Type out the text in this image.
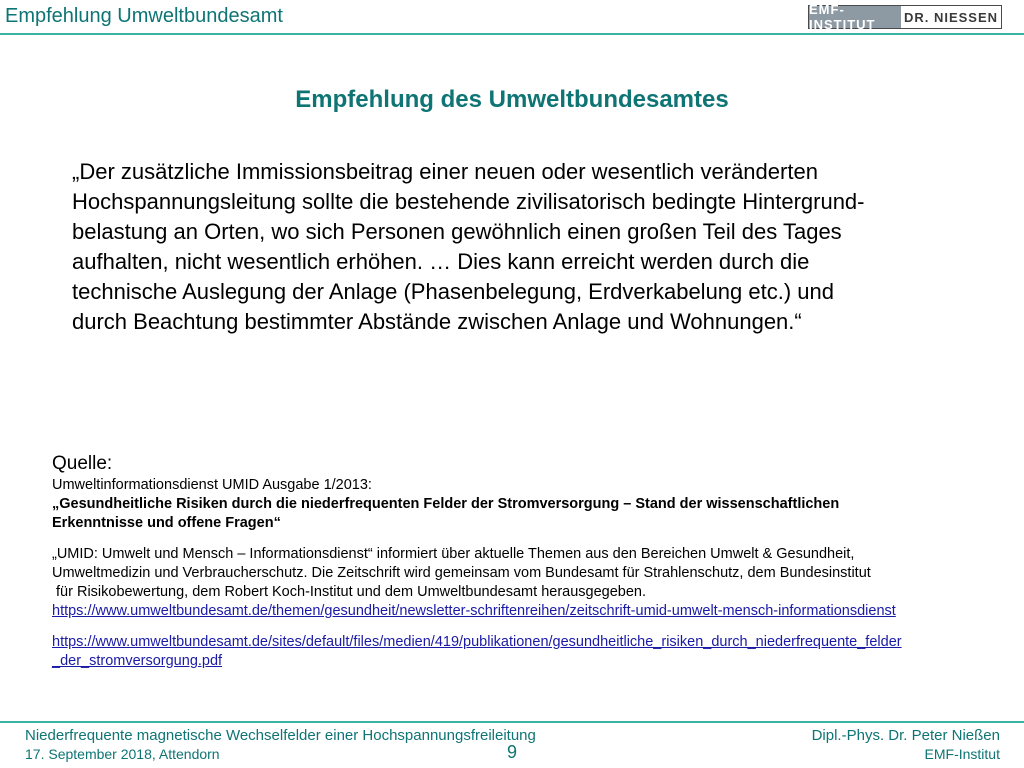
Empfehlung Umweltbundesamt	EMF-INSTITUT	DR. NIESSEN
Empfehlung des Umweltbundesamtes
„Der zusätzliche Immissionsbeitrag einer neuen oder wesentlich veränderten
Hochspannungsleitung sollte die bestehende zivilisatorisch bedingte Hintergrund-
belastung an Orten, wo sich Personen gewöhnlich einen großen Teil des Tages
aufhalten, nicht wesentlich erhöhen. … Dies kann erreicht werden durch die
technische Auslegung der Anlage (Phasenbelegung, Erdverkabelung etc.) und
durch Beachtung bestimmter Abstände zwischen Anlage und Wohnungen.“

Quelle:

Umweltinformationsdienst UMID Ausgabe 1/2013:

„Gesundheitliche Risiken durch die niederfrequenten Felder der Stromversorgung – Stand der wissenschaftlichen

Erkenntnisse und offene Fragen“

„UMID: Umwelt und Mensch – Informationsdienst“ informiert über aktuelle Themen aus den Bereichen Umwelt & Gesundheit,

Umweltmedizin und Verbraucherschutz. Die Zeitschrift wird gemeinsam vom Bundesamt für Strahlenschutz, dem Bundesinstitut

für Risikobewertung, dem Robert Koch-Institut und dem Umweltbundesamt herausgegeben.

https://www.umweltbundesamt.de/themen/gesundheit/newsletter-schriftenreihen/zeitschrift-umid-umwelt-mensch-informationsdienst

https://www.umweltbundesamt.de/sites/default/files/medien/419/publikationen/gesundheitliche_risiken_durch_niederfrequente_felder

_der_stromversorgung.pdf

Niederfrequente magnetische Wechselfelder einer Hochspannungsfreileitung
17. September 2018, Attendorn	9
Dipl.-Phys. Dr. Peter Nießen
EMF-Institut
